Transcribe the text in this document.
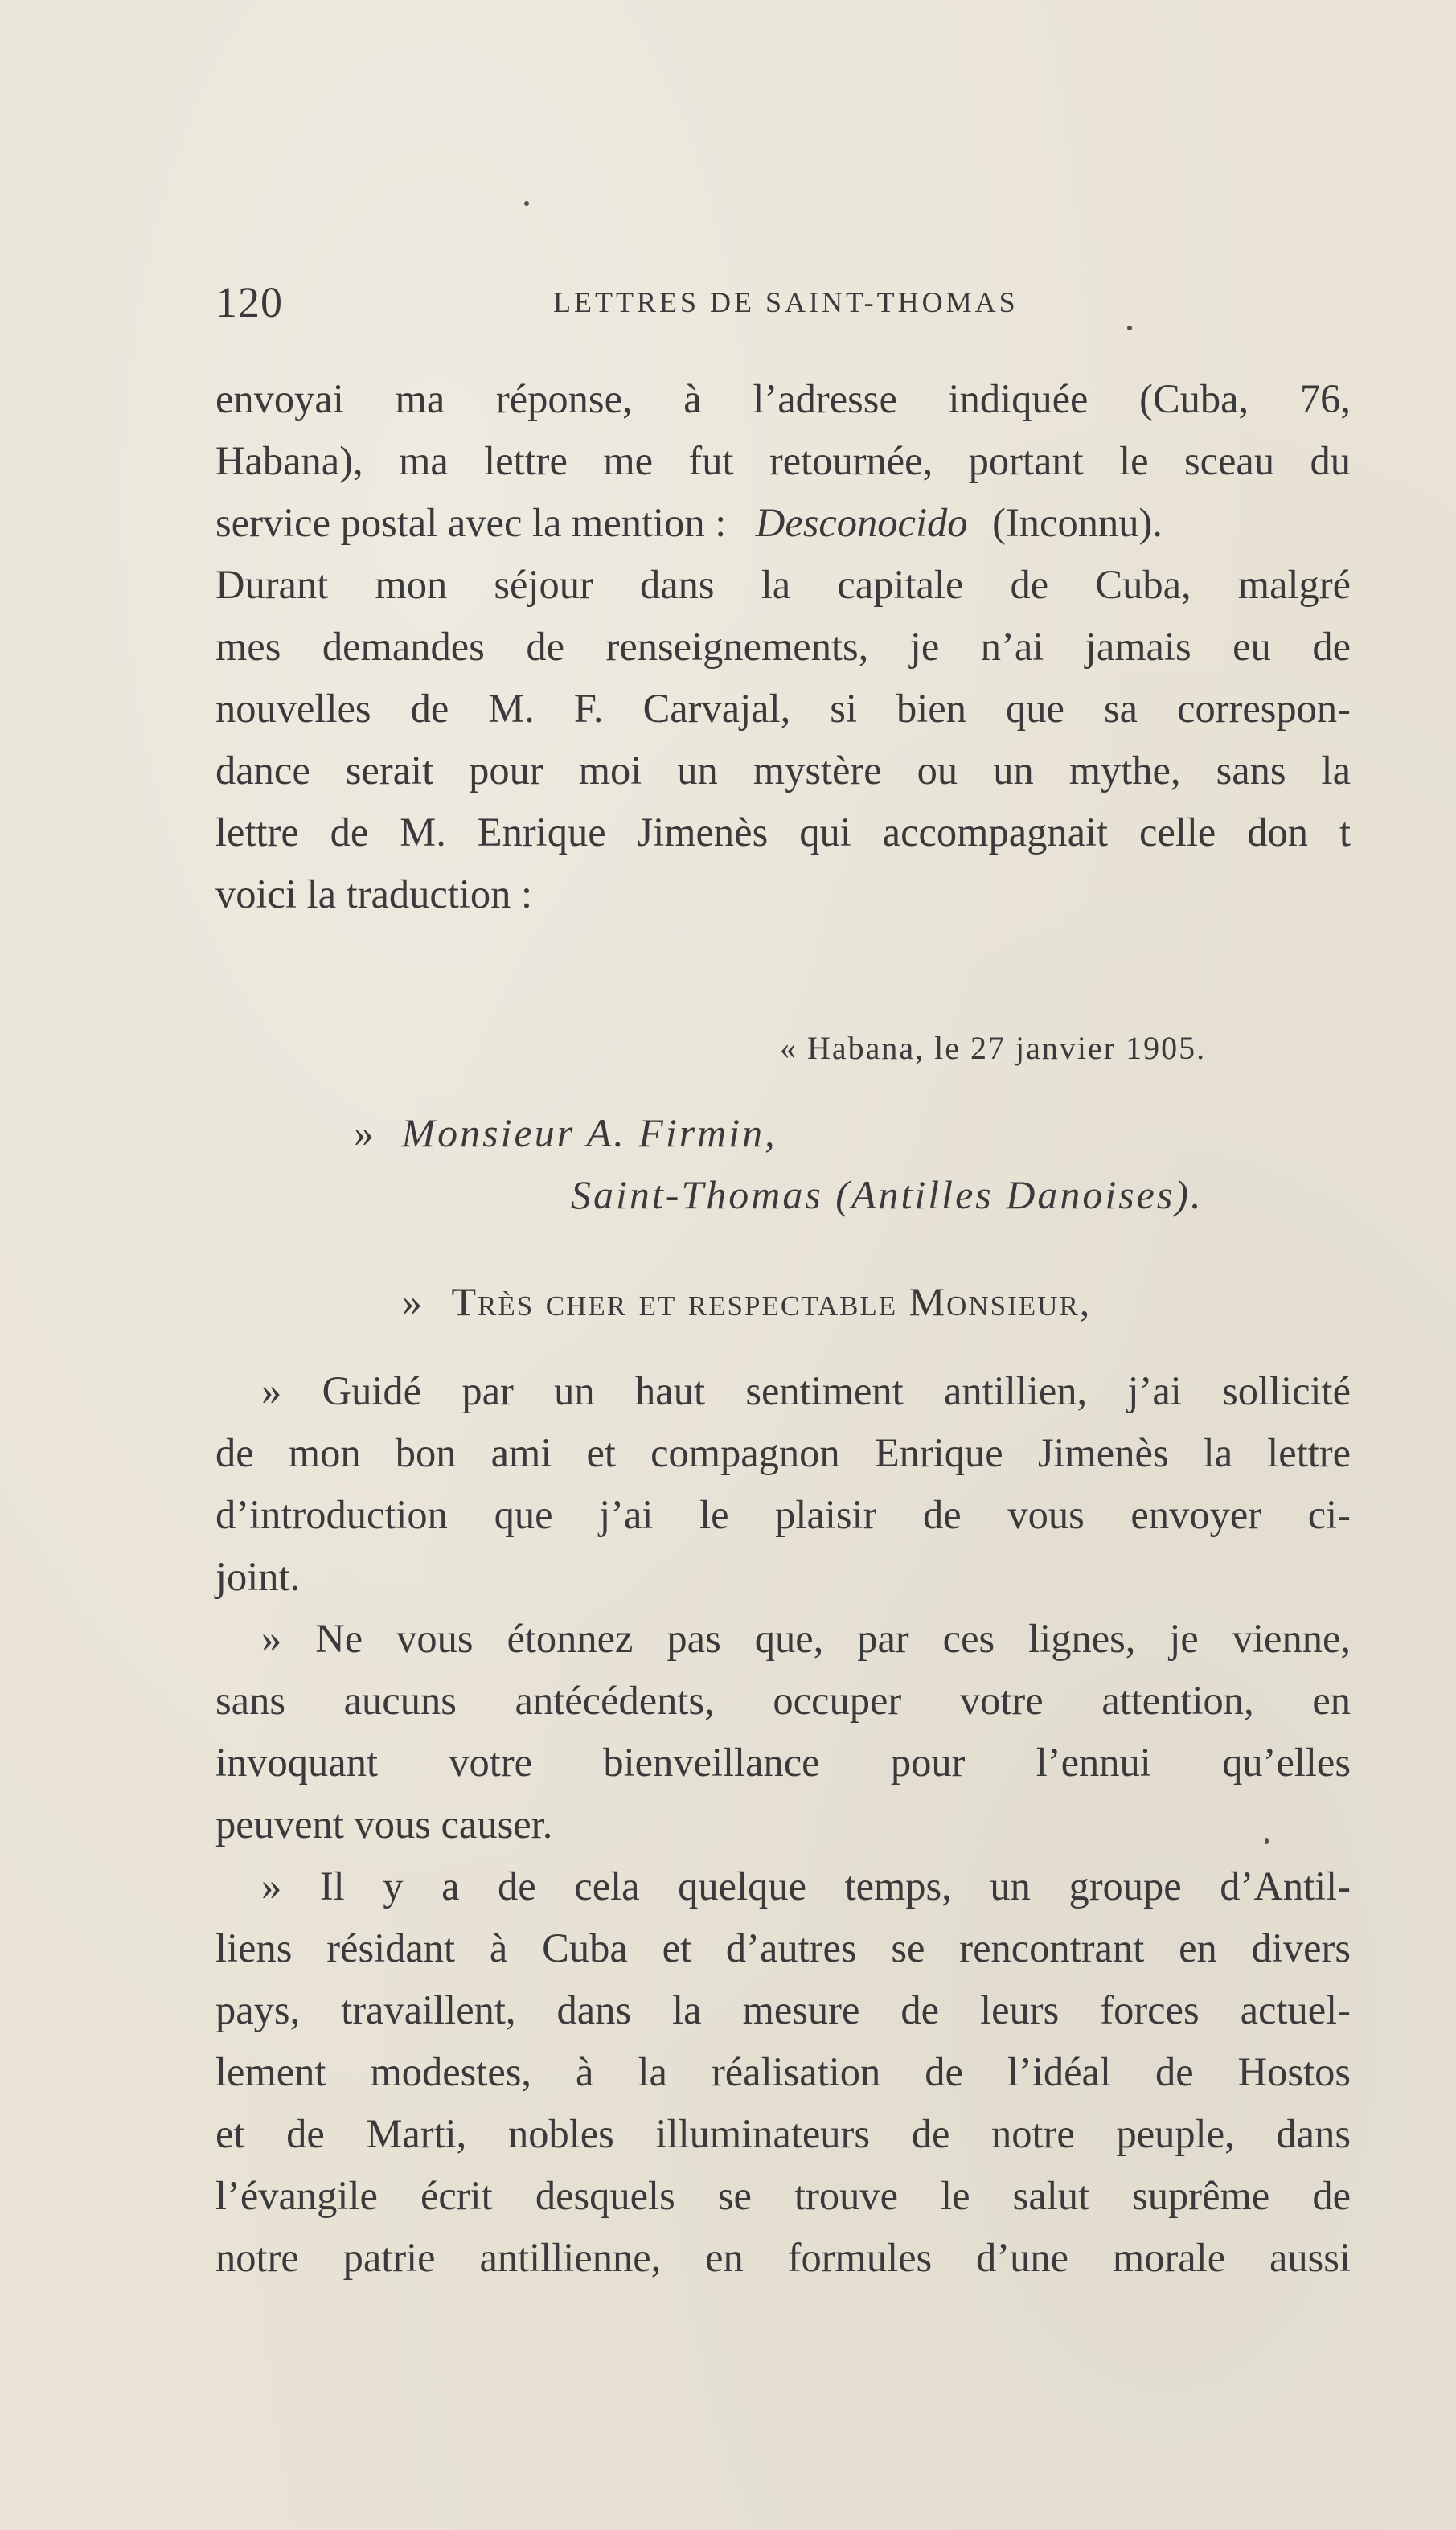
120	LETTRES DE SAINT-THOMAS
envoyai ma réponse, à l’adresse indiquée (Cuba, 76,
Habana), ma lettre me fut retournée, portant le sceau du
service postal avec la mention : Desconocido (Inconnu).
Durant mon séjour dans la capitale de Cuba, malgré
mes demandes de renseignements, je n’ai jamais eu de
nouvelles de M. F. Carvajal, si bien que sa correspon-
dance serait pour moi un mystère ou un mythe, sans la
lettre de M. Enrique Jimenès qui accompagnait celle don t
voici la traduction :
« Habana, le 27 janvier 1905.
» Monsieur A. Firmin,
Saint-Thomas (Antilles Danoises).
» Très cher et respectable Monsieur,
» Guidé par un haut sentiment antillien, j’ai sollicité
de mon bon ami et compagnon Enrique Jimenès la lettre
d’introduction que j’ai le plaisir de vous envoyer ci-
joint.
» Ne vous étonnez pas que, par ces lignes, je vienne,
sans aucuns antécédents, occuper votre attention, en
invoquant votre bienveillance pour l’ennui qu’elles
peuvent vous causer.
» Il y a de cela quelque temps, un groupe d’Antil-
liens résidant à Cuba et d’autres se rencontrant en divers
pays, travaillent, dans la mesure de leurs forces actuel-
lement modestes, à la réalisation de l’idéal de Hostos
et de Marti, nobles illuminateurs de notre peuple, dans
l’évangile écrit desquels se trouve le salut suprême de
notre patrie antillienne, en formules d’une morale aussi
